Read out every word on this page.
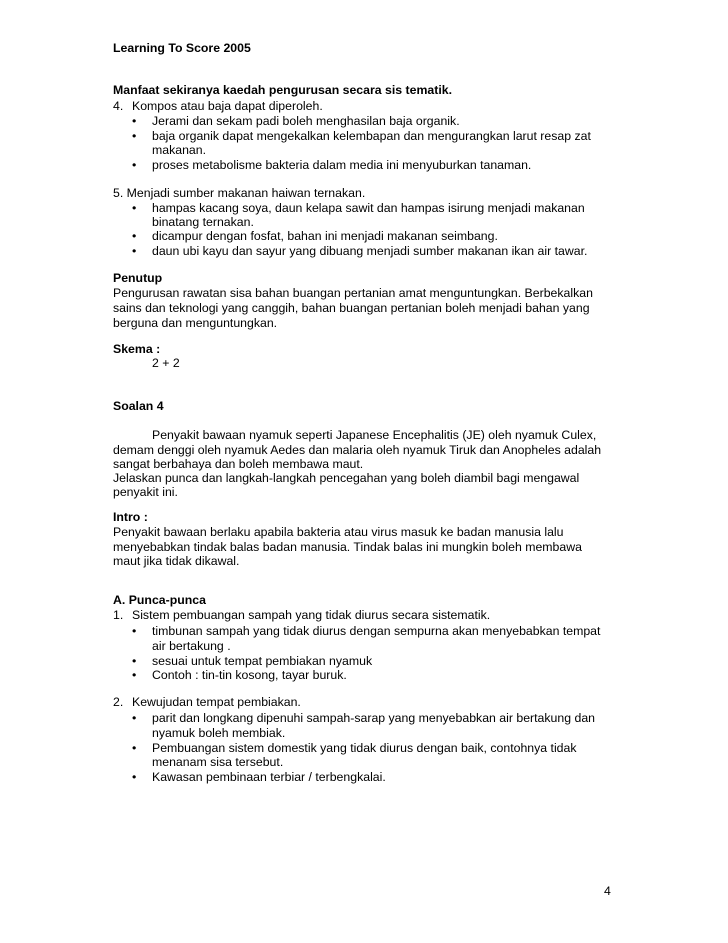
Learning To Score 2005
Manfaat sekiranya kaedah pengurusan secara sis tematik.
4. Kompos atau baja dapat diperoleh.
• Jerami dan sekam padi boleh menghasilan baja organik.
• baja organik dapat mengekalkan kelembapan dan mengurangkan larut resap zat
makanan.
• proses metabolisme bakteria dalam media ini menyuburkan tanaman.
5. Menjadi sumber makanan haiwan ternakan.
• hampas kacang soya, daun kelapa sawit dan hampas isirung menjadi makanan
binatang ternakan.
• dicampur dengan fosfat, bahan ini menjadi makanan seimbang.
• daun ubi kayu dan sayur yang dibuang menjadi sumber makanan ikan air tawar.
Penutup
Pengurusan rawatan sisa bahan buangan pertanian amat menguntungkan. Berbekalkan
sains dan teknologi yang canggih, bahan buangan pertanian boleh menjadi bahan yang
berguna dan menguntungkan.
Skema :
2 + 2
Soalan 4
Penyakit bawaan nyamuk seperti Japanese Encephalitis (JE) oleh nyamuk Culex,
demam denggi oleh nyamuk Aedes dan malaria oleh nyamuk Tiruk dan Anopheles adalah
sangat berbahaya dan boleh membawa maut.
Jelaskan punca dan langkah-langkah pencegahan yang boleh diambil bagi mengawal
penyakit ini.
Intro :
Penyakit bawaan berlaku apabila bakteria atau virus masuk ke badan manusia lalu
menyebabkan tindak balas badan manusia. Tindak balas ini mungkin boleh membawa
maut jika tidak dikawal.
A. Punca-punca
1. Sistem pembuangan sampah yang tidak diurus secara sistematik.
• timbunan sampah yang tidak diurus dengan sempurna akan menyebabkan tempat
air bertakung .
• sesuai untuk tempat pembiakan nyamuk
• Contoh : tin-tin kosong, tayar buruk.
2. Kewujudan tempat pembiakan.
• parit dan longkang dipenuhi sampah-sarap yang menyebabkan air bertakung dan
nyamuk boleh membiak.
• Pembuangan sistem domestik yang tidak diurus dengan baik, contohnya tidak
menanam sisa tersebut.
• Kawasan pembinaan terbiar / terbengkalai.
4
